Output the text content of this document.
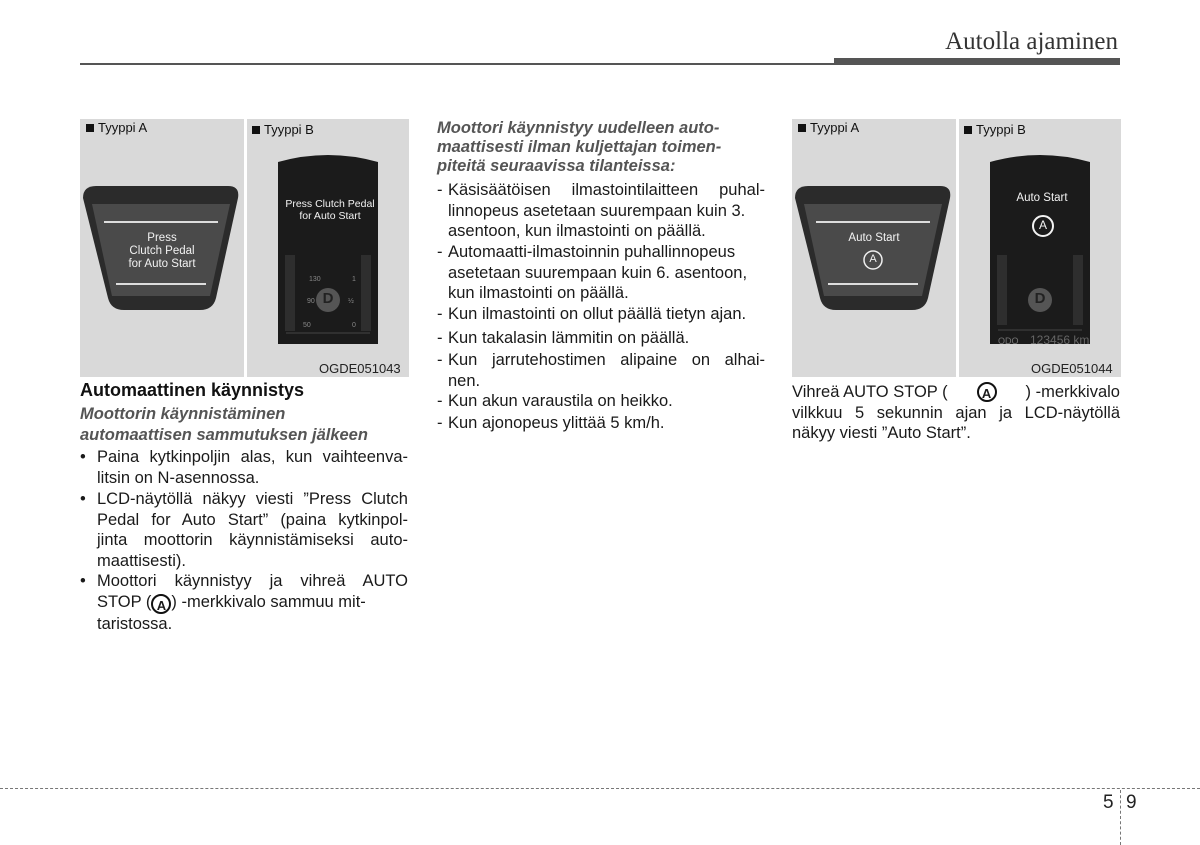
Autolla ajaminen
Tyyppi A	Tyyppi B
Press
Clutch Pedal
for Auto Start
Press Clutch Pedal
for Auto Start
D
130
90
50
1
½
0
OGDE051043
Tyyppi A	Tyyppi B
Auto Start
A
Auto Start
A
D
ODO 123456 km
OGDE051044
Automaattinen käynnistys
Moottorin käynnistäminen
automaattisen sammutuksen jälkeen
• Paina kytkinpoljin alas, kun vaihteenva-
litsin on N-asennossa.
• LCD-näytöllä näkyy viesti ”Press Clutch
Pedal for Auto Start” (paina kytkinpol-
jinta moottorin käynnistämiseksi auto-
maattisesti).
• Moottori käynnistyy ja vihreä AUTO
STOP ( A ) -merkkivalo sammuu mit-
taristossa.
Moottori käynnistyy uudelleen auto-
maattisesti ilman kuljettajan toimen-
piteitä seuraavissa tilanteissa:
- Käsisäätöisen ilmastointilaitteen puhal-
linnopeus asetetaan suurempaan kuin 3.
asentoon, kun ilmastointi on päällä.
- Automaatti-ilmastoinnin puhallinnopeus
asetetaan suurempaan kuin 6. asentoon,
kun ilmastointi on päällä.
- Kun ilmastointi on ollut päällä tietyn ajan.
- Kun takalasin lämmitin on päällä.
- Kun jarrutehostimen alipaine on alhai-
nen.
- Kun akun varaustila on heikko.
- Kun ajonopeus ylittää 5 km/h.
Vihreä AUTO STOP (	A	) -merkkivalo
vilkkuu 5 sekunnin ajan ja LCD-näytöllä
näkyy viesti ”Auto Start”.
5 9
